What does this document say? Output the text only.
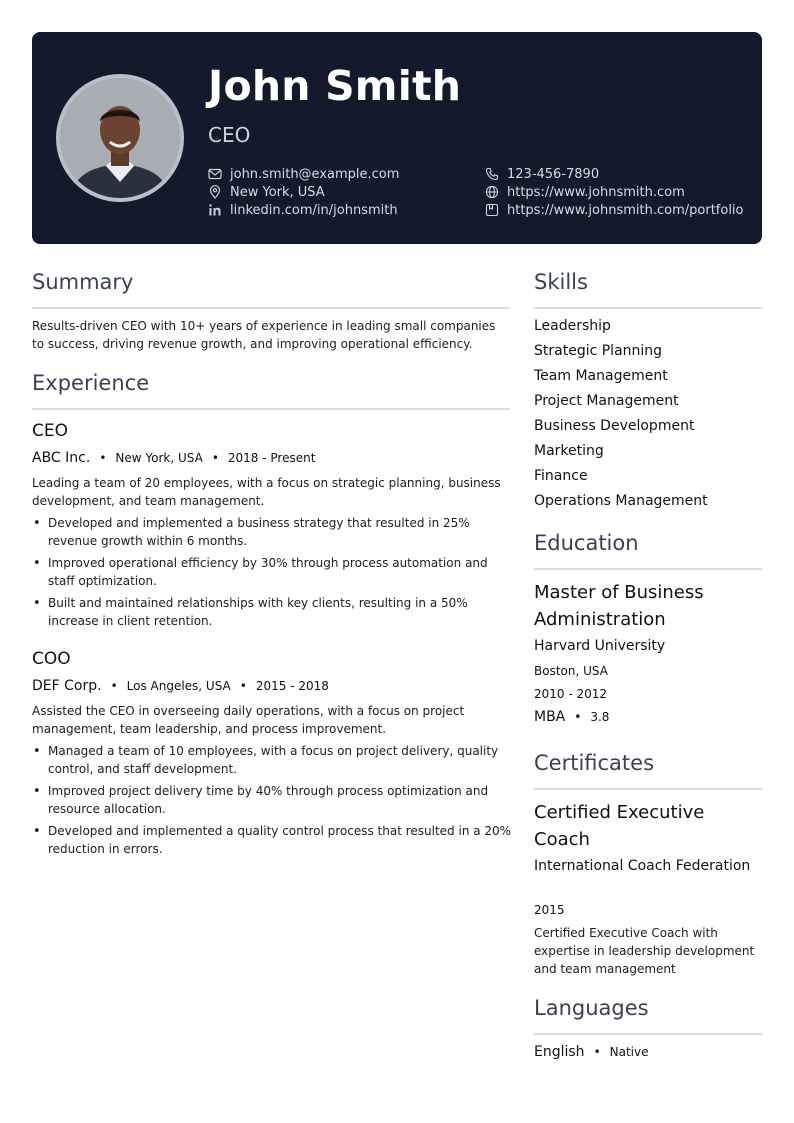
John Smith
CEO
john.smith@example.com
New York, USA
linkedin.com/in/johnsmith
123-456-7890
https://www.johnsmith.com
https://www.johnsmith.com/portfolio
Summary
Results-driven CEO with 10+ years of experience in leading small companies to success, driving revenue growth, and improving operational efficiency.
Experience
CEO
ABC Inc. • New York, USA • 2018 - Present
Leading a team of 20 employees, with a focus on strategic planning, business development, and team management.
• Developed and implemented a business strategy that resulted in 25% revenue growth within 6 months.
• Improved operational efficiency by 30% through process automation and staff optimization.
• Built and maintained relationships with key clients, resulting in a 50% increase in client retention.
COO
DEF Corp. • Los Angeles, USA • 2015 - 2018
Assisted the CEO in overseeing daily operations, with a focus on project management, team leadership, and process improvement.
• Managed a team of 10 employees, with a focus on project delivery, quality control, and staff development.
• Improved project delivery time by 40% through process optimization and resource allocation.
• Developed and implemented a quality control process that resulted in a 20% reduction in errors.
Skills
Leadership
Strategic Planning
Team Management
Project Management
Business Development
Marketing
Finance
Operations Management
Education
Master of Business Administration
Harvard University
Boston, USA
2010 - 2012
MBA • 3.8
Certificates
Certified Executive Coach
International Coach Federation
2015
Certified Executive Coach with expertise in leadership development and team management
Languages
English • Native
